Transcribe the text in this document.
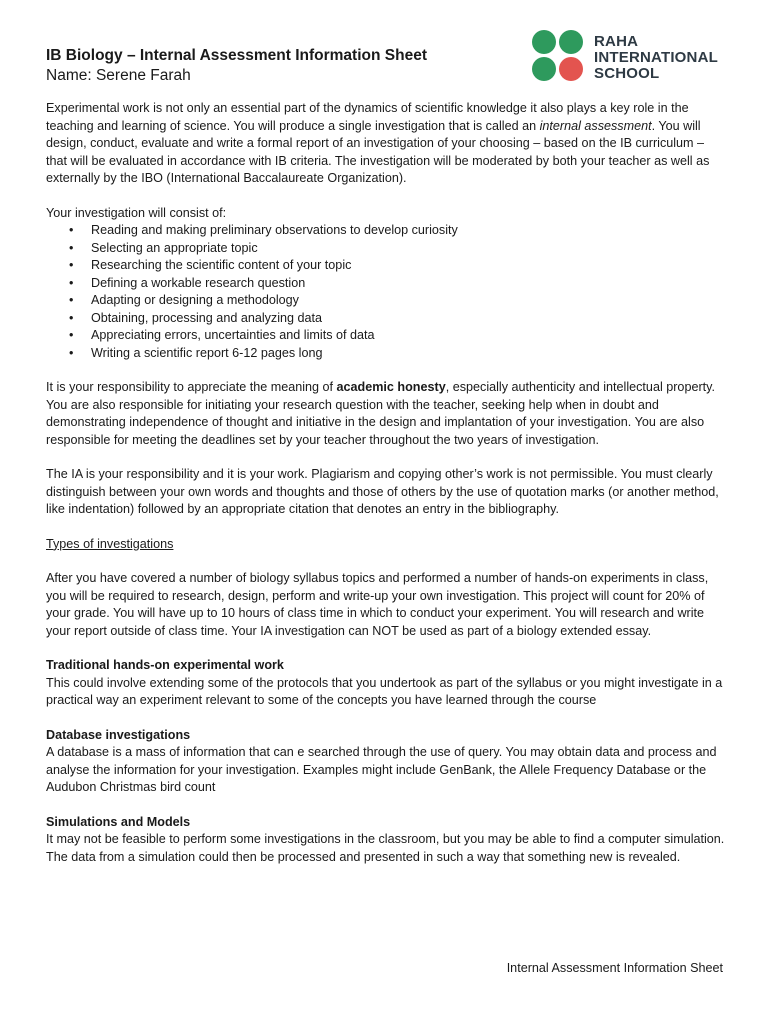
RAHA
INTERNATIONAL
SCHOOL

IB Biology – Internal Assessment Information Sheet

Name: Serene Farah

Experimental work is not only an essential part of the dynamics of scientific knowledge it also plays a key role in the teaching and learning of science. You will produce a single investigation that is called an internal assessment. You will design, conduct, evaluate and write a formal report of an investigation of your choosing – based on the IB curriculum – that will be evaluated in accordance with IB criteria. The investigation will be moderated by both your teacher as well as externally by the IBO (International Baccalaureate Organization).

Your investigation will consist of:

• Reading and making preliminary observations to develop curiosity
• Selecting an appropriate topic
• Researching the scientific content of your topic
• Defining a workable research question
• Adapting or designing a methodology
• Obtaining, processing and analyzing data
• Appreciating errors, uncertainties and limits of data
• Writing a scientific report 6-12 pages long

It is your responsibility to appreciate the meaning of academic honesty, especially authenticity and intellectual property. You are also responsible for initiating your research question with the teacher, seeking help when in doubt and demonstrating independence of thought and initiative in the design and implantation of your investigation. You are also responsible for meeting the deadlines set by your teacher throughout the two years of investigation.

The IA is your responsibility and it is your work. Plagiarism and copying other’s work is not permissible. You must clearly distinguish between your own words and thoughts and those of others by the use of quotation marks (or another method, like indentation) followed by an appropriate citation that denotes an entry in the bibliography.

Types of investigations

After you have covered a number of biology syllabus topics and performed a number of hands-on experiments in class, you will be required to research, design, perform and write-up your own investigation. This project will count for 20% of your grade. You will have up to 10 hours of class time in which to conduct your experiment. You will research and write your report outside of class time. Your IA investigation can NOT be used as part of a biology extended essay.

Traditional hands-on experimental work

This could involve extending some of the protocols that you undertook as part of the syllabus or you might investigate in a practical way an experiment relevant to some of the concepts you have learned through the course

Database investigations

A database is a mass of information that can e searched through the use of query. You may obtain data and process and analyse the information for your investigation. Examples might include GenBank, the Allele Frequency Database or the Audubon Christmas bird count

Simulations and Models

It may not be feasible to perform some investigations in the classroom, but you may be able to find a computer simulation. The data from a simulation could then be processed and presented in such a way that something new is revealed.

Internal Assessment Information Sheet
